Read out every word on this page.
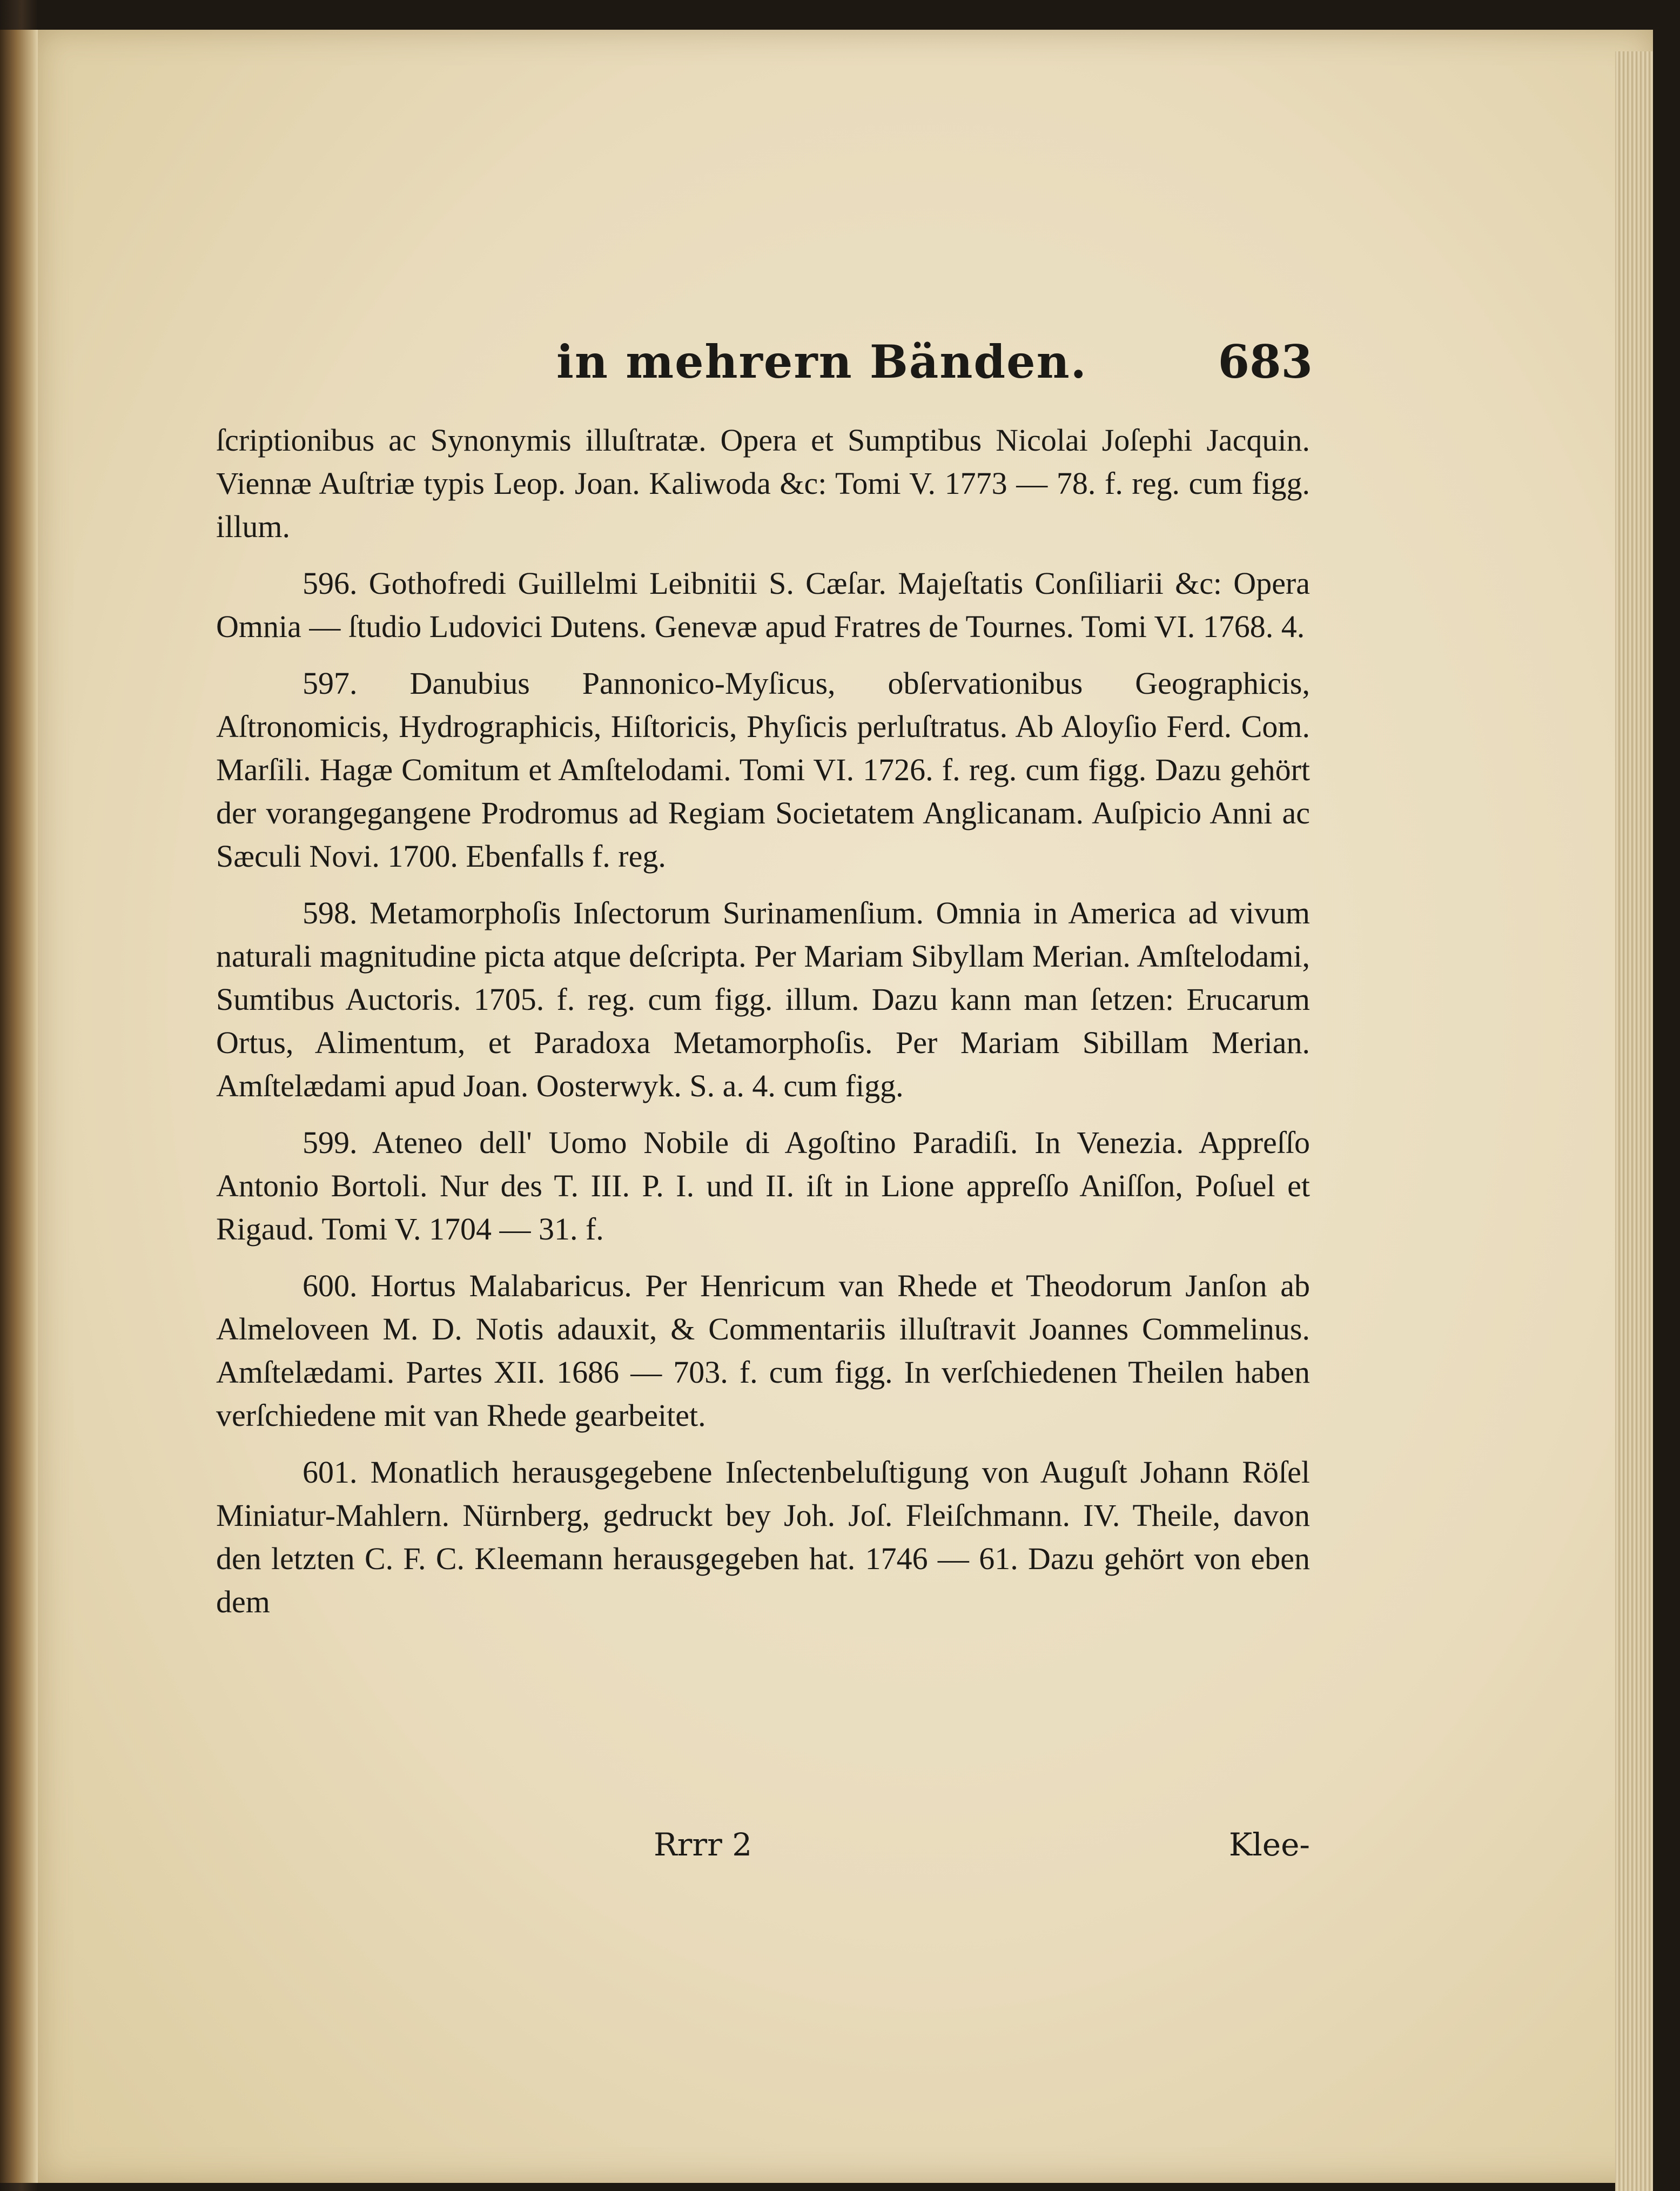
in mehrern Bänden.	683

ſcriptionibus ac Synonymis illuſtratæ. Opera et Sumptibus Nicolai Joſephi Jacquin. Viennæ Auſtriæ typis Leop. Joan. Kaliwoda &c: Tomi V. 1773 — 78. f. reg. cum figg. illum.

596. Gothofredi Guillelmi Leibnitii S. Cæſar. Majeſtatis Conſiliarii &c: Opera Omnia — ſtudio Ludovici Dutens. Genevæ apud Fratres de Tournes. Tomi VI. 1768. 4.

597. Danubius Pannonico-Myſicus, obſervationibus Geographicis, Aſtronomicis, Hydrographicis, Hiſtoricis, Phyſicis perluſtratus. Ab Aloyſio Ferd. Com. Marſili. Hagæ Comitum et Amſtelodami. Tomi VI. 1726. f. reg. cum figg. Dazu gehört der vorangegangene Prodromus ad Regiam Societatem Anglicanam. Auſpicio Anni ac Sæculi Novi. 1700. Ebenfalls f. reg.

598. Metamorphoſis Inſectorum Surinamenſium. Omnia in America ad vivum naturali magnitudine picta atque deſcripta. Per Mariam Sibyllam Merian. Amſtelodami, Sumtibus Auctoris. 1705. f. reg. cum figg. illum. Dazu kann man ſetzen: Erucarum Ortus, Alimentum, et Paradoxa Metamorphoſis. Per Mariam Sibillam Merian. Amſtelædami apud Joan. Oosterwyk. S. a. 4. cum figg.

599. Ateneo dell' Uomo Nobile di Agoſtino Paradiſi. In Venezia. Appreſſo Antonio Bortoli. Nur des T. III. P. I. und II. iſt in Lione appreſſo Aniſſon, Poſuel et Rigaud. Tomi V. 1704 — 31. f.

600. Hortus Malabaricus. Per Henricum van Rhede et Theodorum Janſon ab Almeloveen M. D. Notis adauxit, & Commentariis illuſtravit Joannes Commelinus. Amſtelædami. Partes XII. 1686 — 703. f. cum figg. In verſchiedenen Theilen haben verſchiedene mit van Rhede gearbeitet.

601. Monatlich herausgegebene Inſectenbeluſtigung von Auguſt Johann Röſel Miniatur-Mahlern. Nürnberg, gedruckt bey Joh. Joſ. Fleiſchmann. IV. Theile, davon den letzten C. F. C. Kleemann herausgegeben hat. 1746 — 61. Dazu gehört von eben dem

Rrrr 2	Klee-
